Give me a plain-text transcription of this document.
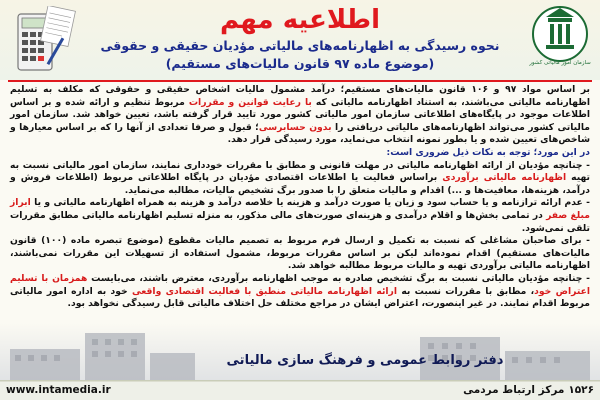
اطلاعیه مهم
نحوه رسیدگی به اظهارنامه‌های مالیاتی مؤدیان حقیقی و حقوقی
(موضوع ماده ۹۷ قانون مالیات‌های مستقیم)	سازمان امور مالیاتی کشور

بر اساس مواد ۹۷ و ۱۰۶ قانون مالیات‌های مستقیم؛ درآمد مشمول مالیات اشخاص حقیقی و حقوقی که مکلف به تسلیم اظهارنامه مالیاتی می‌باشند، به استناد اظهارنامه مالیاتی که با رعایت قوانین و مقررات مربوط تنظیم و ارائه شده و بر اساس اطلاعات موجود در پایگاه‌های اطلاعاتی سازمان امور مالیاتی کشور مورد تایید قرار گرفته باشد، تعیین خواهد شد. سازمان امور مالیاتی کشور می‌تواند اظهارنامه‌های مالیاتی دریافتی را بدون حسابرسی؛ قبول و صرفا تعدادی از آنها را که بر اساس معیارها و شاخص‌های تعیین شده و یا بطور نمونه انتخاب می‌نماید، مورد رسیدگی قرار دهد.

در این مورد؛ توجه به نکات ذیل ضروری است:

- چنانچه مؤدیان از ارائه اظهارنامه مالیاتی در مهلت قانونی و مطابق با مقررات خودداری نمایند، سازمان امور مالیاتی نسبت به تهیه اظهارنامه مالیاتی برآوردی براساس فعالیت یا اطلاعات اقتصادی مؤدیان در پایگاه اطلاعاتی مربوط (اطلاعات فروش و درآمد، هزینه‌ها، معافیت‌ها و ...) اقدام و مالیات متعلق را با صدور برگ تشخیص مالیات، مطالبه می‌نماید.

- عدم ارائه ترازنامه و یا حساب سود و زیان یا صورت درآمد و هزینه یا خلاصه درآمد و هزینه به همراه اظهارنامه مالیاتی و یا ابراز مبلغ صفر در تمامی بخش‌ها و اقلام درآمدی و هزینه‌ای صورت‌های مالی مذکور، به منزله تسلیم اظهارنامه مالیاتی مطابق مقررات تلقی نمی‌شود.

- برای صاحبان مشاغلی که نسبت به تکمیل و ارسال فرم مربوط به تصمیم مالیات مقطوع (موضوع تبصره ماده (۱۰۰) قانون مالیات‌های مستقیم) اقدام نموده‌اند لیکن بر اساس مقررات مربوط، مشمول استفاده از تسهیلات این مقررات نمی‌باشند، اظهارنامه مالیاتی برآوردی تهیه و مالیات مربوط مطالبه خواهد شد.

- چنانچه مؤدیان مالیاتی نسبت به برگ تشخیص صادره به موجب اظهارنامه برآوردی، معترض باشند، می‌بایست همزمان با تسلیم اعتراض خود، مطابق با مقررات نسبت به ارائه اظهارنامه مالیاتی منطبق با فعالیت اقتصادی واقعی خود به اداره امور مالیاتی مربوط اقدام نمایند. در غیر اینصورت، اعتراض ایشان در مراجع مختلف حل اختلاف مالیاتی قابل رسیدگی نخواهد بود.

دفتر روابط عمومی و فرهنگ سازی مالیاتی
www.intamedia.ir	۱۵۲۶مرکز ارتباط مردمی
